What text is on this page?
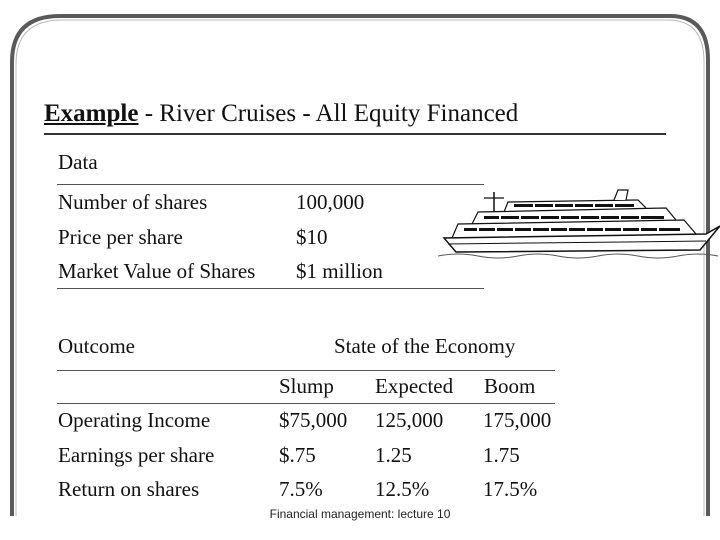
Example - River Cruises - All Equity Financed
Data
Number of shares	100,000
Price per share	$10
Market Value of Shares $1 million
Outcome	State of the Economy
Slump Expected Boom
Operating Income	$75,000 125,000 175,000
Earnings per share	$.75	1.25	1.75
Return on shares	7.5% 12.5%	17.5%
Financial management: lecture 10
